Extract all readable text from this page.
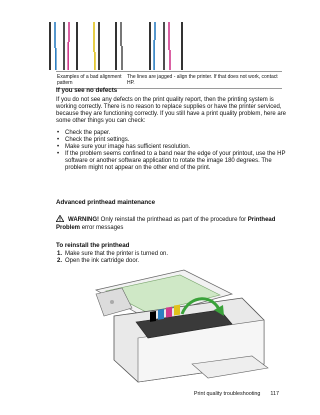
Examples of a bad alignment pattern
The lines are jagged - align the printer. If that does not work, contact HP.
If you see no defects
If you do not see any defects on the print quality report, then the printing system is working correctly. There is no reason to replace supplies or have the printer serviced, because they are functioning correctly. If you still have a print quality problem, here are some other things you can check:
• Check the paper.
• Check the print settings.
• Make sure your image has sufficient resolution.
• If the problem seems confined to a band near the edge of your printout, use the HP software or another software application to rotate the image 180 degrees. The problem might not appear on the other end of the print.
Advanced printhead maintenance
WARNING! Only reinstall the printhead as part of the procedure for Printhead Problem error messages
To reinstall the printhead
1. Make sure that the printer is turned on.
2. Open the ink cartridge door.
Print quality troubleshooting 117
